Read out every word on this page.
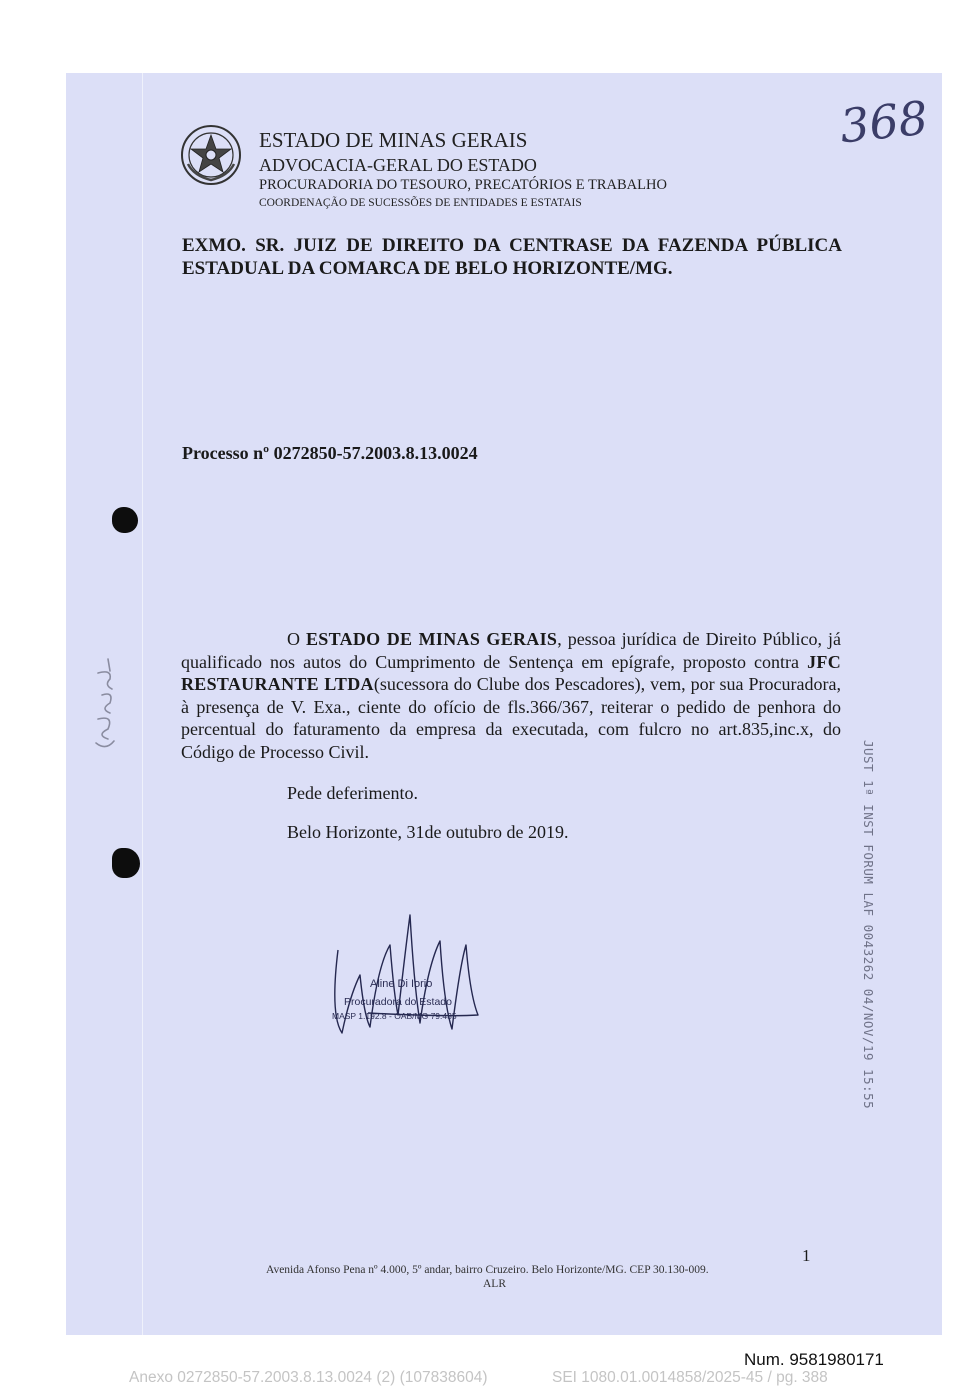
ESTADO DE MINAS GERAIS
ADVOCACIA-GERAL DO ESTADO
PROCURADORIA DO TESOURO, PRECATÓRIOS E TRABALHO
COORDENAÇÃO DE SUCESSÕES DE ENTIDADES E ESTATAIS
368
EXMO. SR. JUIZ DE DIREITO DA CENTRASE DA FAZENDA PÚBLICA ESTADUAL DA COMARCA DE BELO HORIZONTE/MG.
Processo nº 0272850-57.2003.8.13.0024
O ESTADO DE MINAS GERAIS, pessoa jurídica de Direito Público, já qualificado nos autos do Cumprimento de Sentença em epígrafe, proposto contra JFC RESTAURANTE LTDA(sucessora do Clube dos Pescadores), vem, por sua Procuradora, à presença de V. Exa., ciente do ofício de fls.366/367, reiterar o pedido de penhora do percentual do faturamento da empresa da executada, com fulcro no art.835,inc.x, do Código de Processo Civil.
Pede deferimento.
Belo Horizonte, 31de outubro de 2019.
Aline Di Iorio
Procuradora do Estado
MASP 1.192.8 - OAB/MG 79.435	JUST 1ª INST FORUM LAF 0043262 04/NOV/19 15:55
1
Avenida Afonso Pena nº 4.000, 5º andar, bairro Cruzeiro. Belo Horizonte/MG. CEP 30.130-009.
ALR
Num. 9581980171
Anexo 0272850-57.2003.8.13.0024 (2) (107838604)	SEI 1080.01.0014858/2025-45 / pg. 388
